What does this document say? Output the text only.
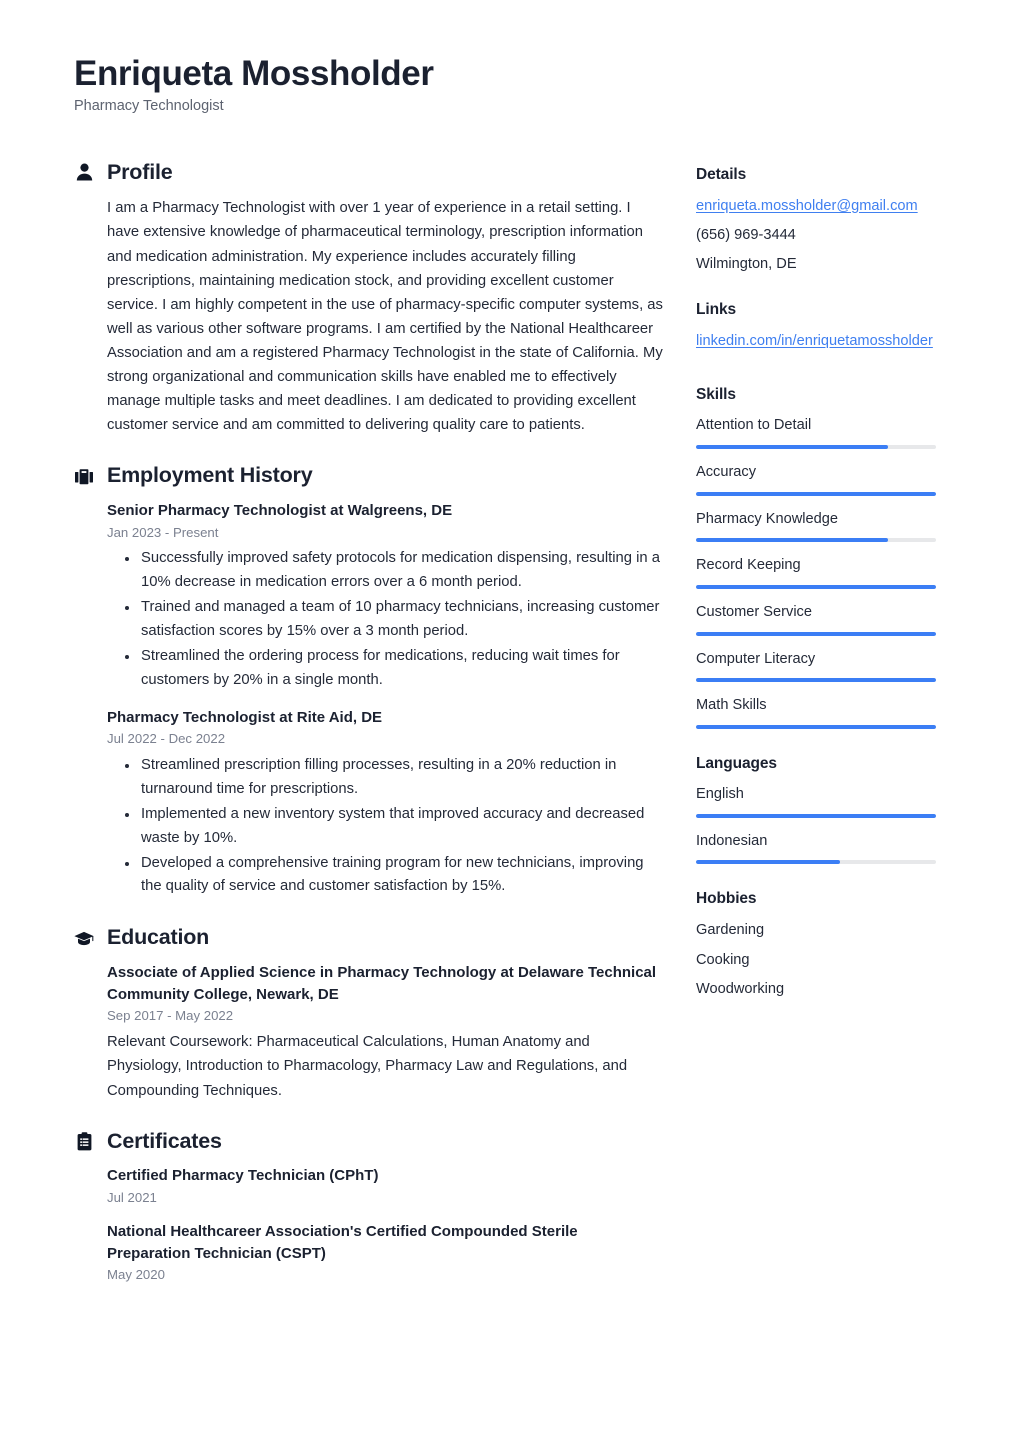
Enriqueta Mossholder
Pharmacy Technologist
Profile
I am a Pharmacy Technologist with over 1 year of experience in a retail setting. I have extensive knowledge of pharmaceutical terminology, prescription information and medication administration. My experience includes accurately filling prescriptions, maintaining medication stock, and providing excellent customer service. I am highly competent in the use of pharmacy-specific computer systems, as well as various other software programs. I am certified by the National Healthcareer Association and am a registered Pharmacy Technologist in the state of California. My strong organizational and communication skills have enabled me to effectively manage multiple tasks and meet deadlines. I am dedicated to providing excellent customer service and am committed to delivering quality care to patients.
Employment History
Senior Pharmacy Technologist at Walgreens, DE
Jan 2023 - Present
Successfully improved safety protocols for medication dispensing, resulting in a 10% decrease in medication errors over a 6 month period.
Trained and managed a team of 10 pharmacy technicians, increasing customer satisfaction scores by 15% over a 3 month period.
Streamlined the ordering process for medications, reducing wait times for customers by 20% in a single month.
Pharmacy Technologist at Rite Aid, DE
Jul 2022 - Dec 2022
Streamlined prescription filling processes, resulting in a 20% reduction in turnaround time for prescriptions.
Implemented a new inventory system that improved accuracy and decreased waste by 10%.
Developed a comprehensive training program for new technicians, improving the quality of service and customer satisfaction by 15%.
Education
Associate of Applied Science in Pharmacy Technology at Delaware Technical Community College, Newark, DE
Sep 2017 - May 2022
Relevant Coursework: Pharmaceutical Calculations, Human Anatomy and Physiology, Introduction to Pharmacology, Pharmacy Law and Regulations, and Compounding Techniques.
Certificates
Certified Pharmacy Technician (CPhT)
Jul 2021
National Healthcareer Association's Certified Compounded Sterile Preparation Technician (CSPT)
May 2020
Details
enriqueta.mossholder@gmail.com
(656) 969-3444
Wilmington, DE
Links
linkedin.com/in/enriquetamossholder
Skills
Attention to Detail
Accuracy
Pharmacy Knowledge
Record Keeping
Customer Service
Computer Literacy
Math Skills
Languages
English
Indonesian
Hobbies
Gardening
Cooking
Woodworking
